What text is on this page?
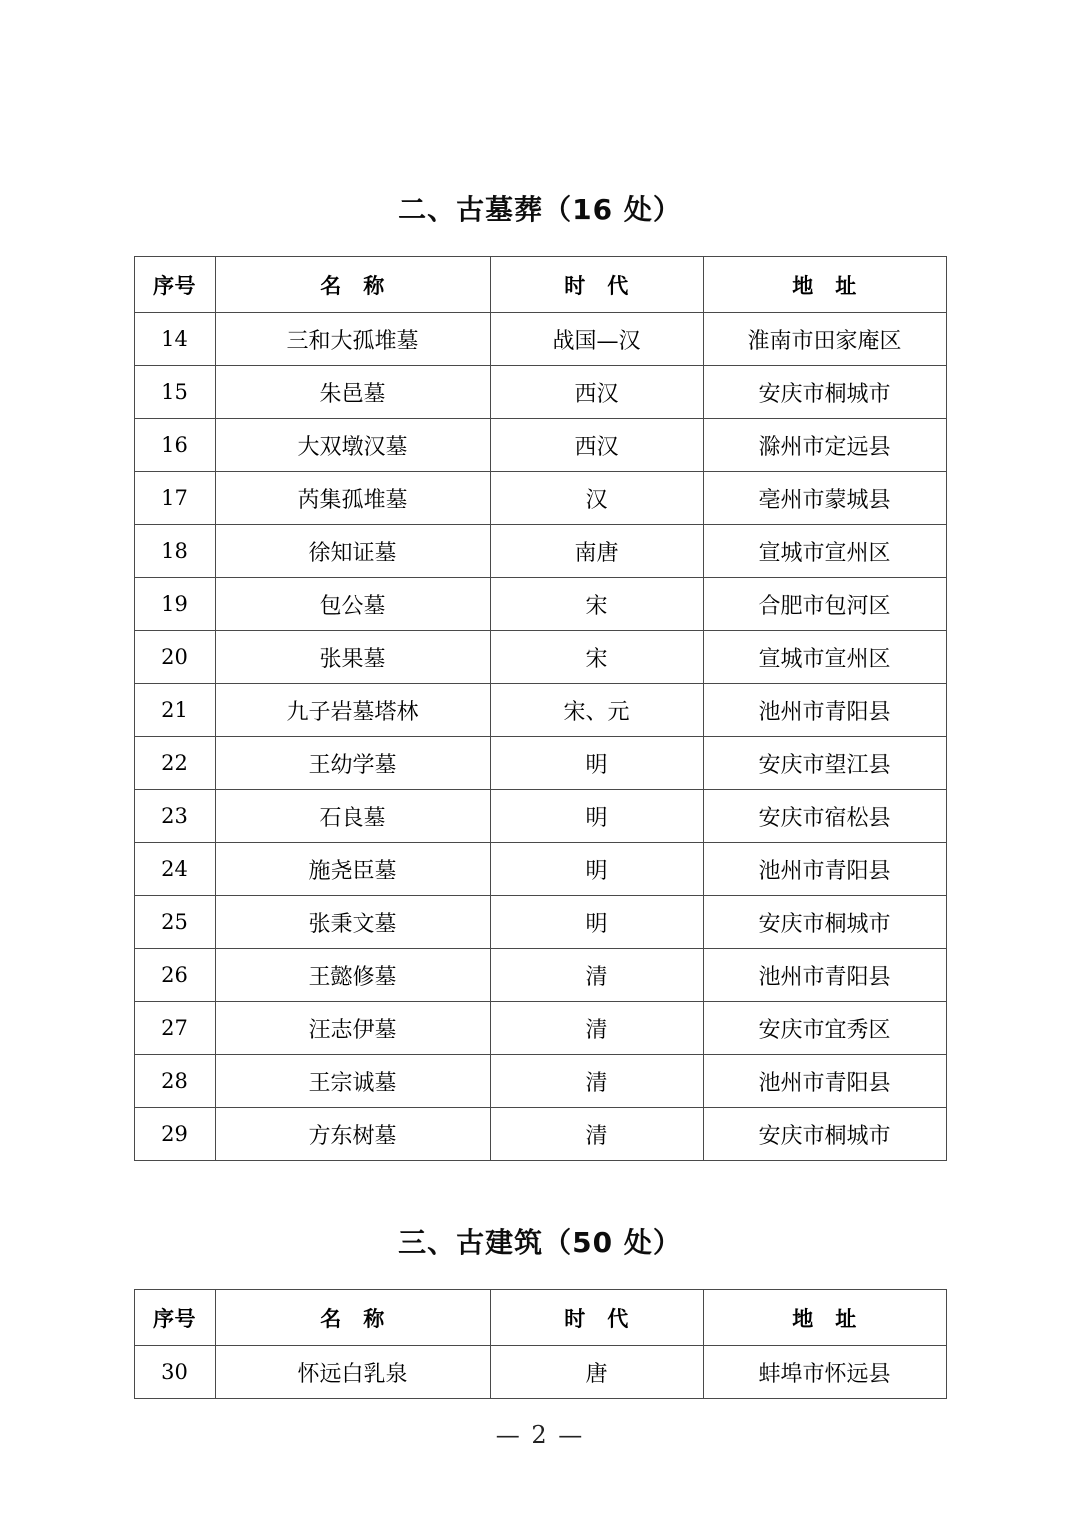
二、古墓葬（16 处）
序号	名　称	时　代	地　址
14	三和大孤堆墓	战国—汉	淮南市田家庵区
15	朱邑墓	西汉	安庆市桐城市
16	大双墩汉墓	西汉	滁州市定远县
17	芮集孤堆墓	汉	亳州市蒙城县
18	徐知证墓	南唐	宣城市宣州区
19	包公墓	宋	合肥市包河区
20	张果墓	宋	宣城市宣州区
21	九子岩墓塔林	宋、元	池州市青阳县
22	王幼学墓	明	安庆市望江县
23	石良墓	明	安庆市宿松县
24	施尧臣墓	明	池州市青阳县
25	张秉文墓	明	安庆市桐城市
26	王懿修墓	清	池州市青阳县
27	汪志伊墓	清	安庆市宜秀区
28	王宗诚墓	清	池州市青阳县
29	方东树墓	清	安庆市桐城市
三、古建筑（50 处）
序号	名　称	时　代	地　址
30	怀远白乳泉	唐	蚌埠市怀远县
— 2 —
